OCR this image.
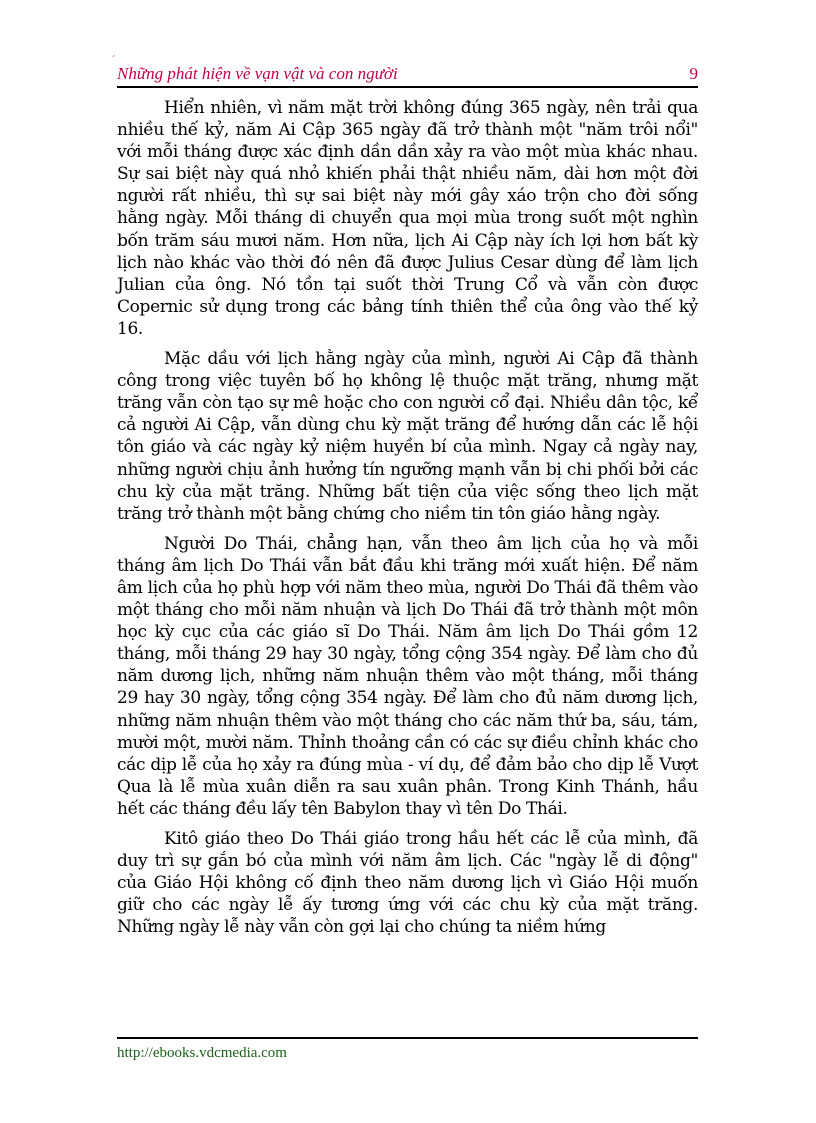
´
Những phát hiện về vạn vật và con người	9

Hiển nhiên, vì năm mặt trời không đúng 365 ngày, nên trải qua nhiều thế kỷ, năm Ai Cập 365 ngày đã trở thành một "năm trôi nổi" với mỗi tháng được xác định dần dần xảy ra vào một mùa khác nhau. Sự sai biệt này quá nhỏ khiến phải thật nhiều năm, dài hơn một đời người rất nhiều, thì sự sai biệt này mới gây xáo trộn cho đời sống hằng ngày. Mỗi tháng di chuyển qua mọi mùa trong suốt một nghìn bốn trăm sáu mươi năm. Hơn nữa, lịch Ai Cập này ích lợi hơn bất kỳ lịch nào khác vào thời đó nên đã được Julius Cesar dùng để làm lịch Julian của ông. Nó tồn tại suốt thời Trung Cổ và vẫn còn được Copernic sử dụng trong các bảng tính thiên thể của ông vào thế kỷ 16.

Mặc dầu với lịch hằng ngày của mình, người Ai Cập đã thành công trong việc tuyên bố họ không lệ thuộc mặt trăng, nhưng mặt trăng vẫn còn tạo sự mê hoặc cho con người cổ đại. Nhiều dân tộc, kể cả người Ai Cập, vẫn dùng chu kỳ mặt trăng để hướng dẫn các lễ hội tôn giáo và các ngày kỷ niệm huyền bí của mình. Ngay cả ngày nay, những người chịu ảnh hưởng tín ngưỡng mạnh vẫn bị chi phối bởi các chu kỳ của mặt trăng. Những bất tiện của việc sống theo lịch mặt trăng trở thành một bằng chứng cho niềm tin tôn giáo hằng ngày.

Người Do Thái, chẳng hạn, vẫn theo âm lịch của họ và mỗi tháng âm lịch Do Thái vẫn bắt đầu khi trăng mới xuất hiện. Để năm âm lịch của họ phù hợp với năm theo mùa, người Do Thái đã thêm vào một tháng cho mỗi năm nhuận và lịch Do Thái đã trở thành một môn học kỳ cục của các giáo sĩ Do Thái. Năm âm lịch Do Thái gồm 12 tháng, mỗi tháng 29 hay 30 ngày, tổng cộng 354 ngày. Để làm cho đủ năm dương lịch, những năm nhuận thêm vào một tháng, mỗi tháng 29 hay 30 ngày, tổng cộng 354 ngày. Để làm cho đủ năm dương lịch, những năm nhuận thêm vào một tháng cho các năm thứ ba, sáu, tám, mười một, mười năm. Thỉnh thoảng cần có các sự điều chỉnh khác cho các dịp lễ của họ xảy ra đúng mùa - ví dụ, để đảm bảo cho dịp lễ Vượt Qua là lễ mùa xuân diễn ra sau xuân phân. Trong Kinh Thánh, hầu hết các tháng đều lấy tên Babylon thay vì tên Do Thái.

Kitô giáo theo Do Thái giáo trong hầu hết các lễ của mình, đã duy trì sự gắn bó của mình với năm âm lịch. Các "ngày lễ di động" của Giáo Hội không cố định theo năm dương lịch vì Giáo Hội muốn giữ cho các ngày lễ ấy tương ứng với các chu kỳ của mặt trăng. Những ngày lễ này vẫn còn gợi lại cho chúng ta niềm hứng

http://ebooks.vdcmedia.com
